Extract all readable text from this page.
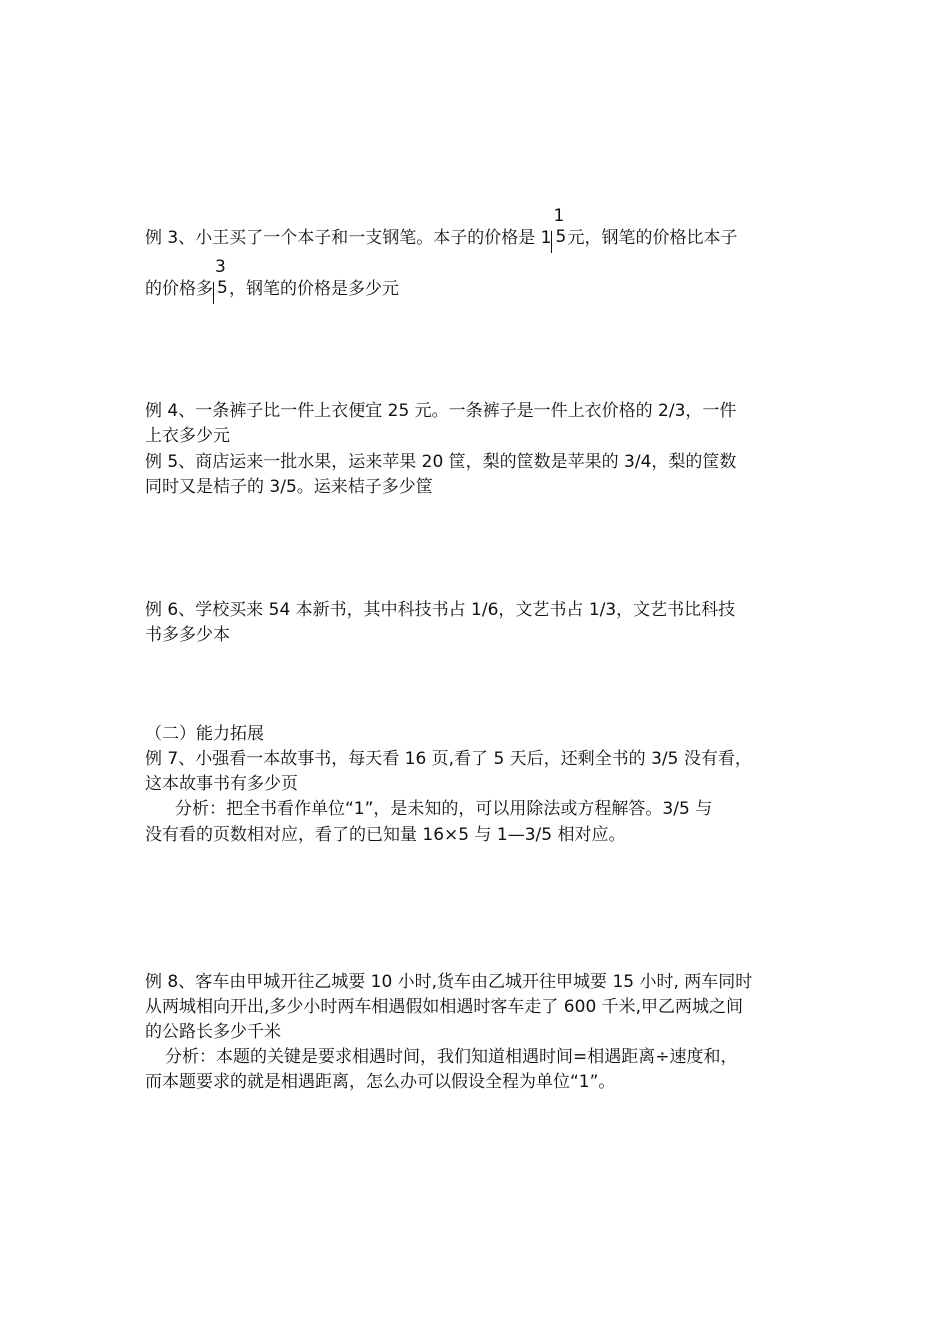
例 3、小王买了一个本子和一支钢笔。本子的价格是 1
1
5 元，钢笔的价格比本子
的价格多
3
5 ，钢笔的价格是多少元
例 4、一条裤子比一件上衣便宜 25 元。一条裤子是一件上衣价格的 2/3，一件
上衣多少元
例 5、商店运来一批水果，运来苹果 20 筐，梨的筐数是苹果的 3/4，梨的筐数
同时又是桔子的 3/5。运来桔子多少筐
例 6、学校买来 54 本新书，其中科技书占 1/6，文艺书占 1/3，文艺书比科技
书多多少本
（二）能力拓展
例 7、小强看一本故事书，每天看 16 页,看了 5 天后，还剩全书的 3/5 没有看，
这本故事书有多少页
分析：把全书看作单位“1”，是未知的，可以用除法或方程解答。3/5 与
没有看的页数相对应，看了的已知量 16×5 与 1—3/5 相对应。
例 8、客车由甲城开往乙城要 10 小时,货车由乙城开往甲城要 15 小时, 两车同时
从两城相向开出,多少小时两车相遇假如相遇时客车走了 600 千米,甲乙两城之间
的公路长多少千米
分析：本题的关键是要求相遇时间，我们知道相遇时间=相遇距离÷速度和，
而本题要求的就是相遇距离，怎么办可以假设全程为单位“1”。
